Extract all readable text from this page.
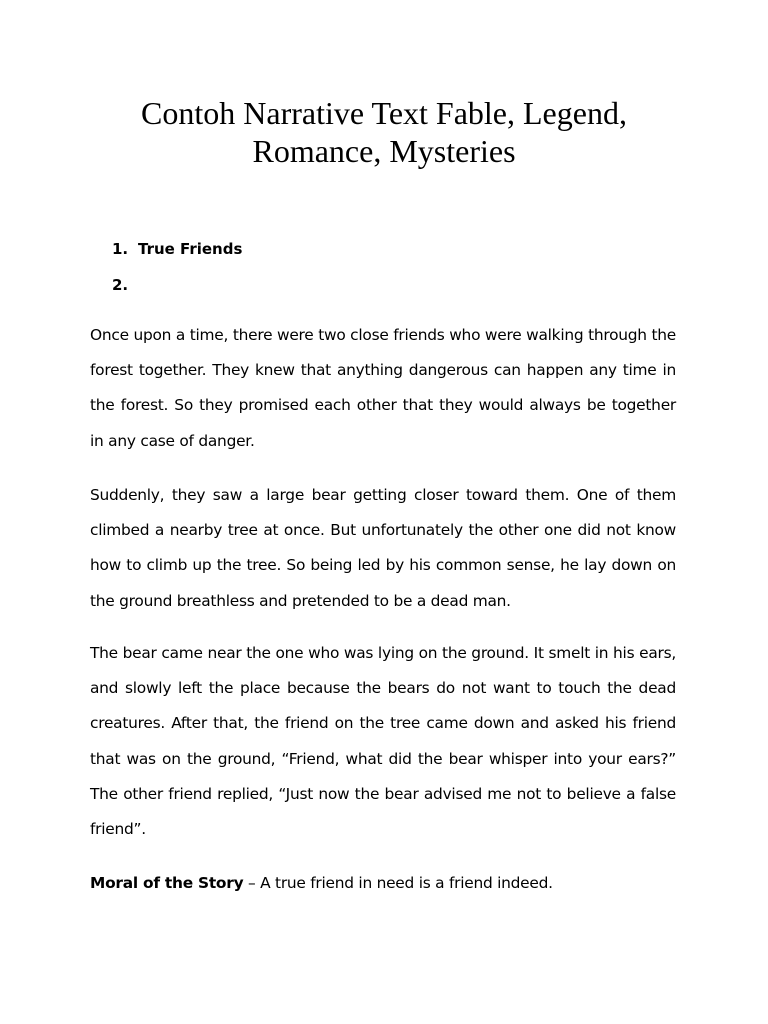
Contoh Narrative Text Fable, Legend,
Romance, Mysteries
1. True Friends
2.

Once upon a time, there were two close friends who were walking through the forest together. They knew that anything dangerous can happen any time in the forest. So they promised each other that they would always be together in any case of danger.

Suddenly, they saw a large bear getting closer toward them. One of them climbed a nearby tree at once. But unfortunately the other one did not know how to climb up the tree. So being led by his common sense, he lay down on the ground breathless and pretended to be a dead man.

The bear came near the one who was lying on the ground. It smelt in his ears, and slowly left the place because the bears do not want to touch the dead creatures. After that, the friend on the tree came down and asked his friend that was on the ground, “Friend, what did the bear whisper into your ears?” The other friend replied, “Just now the bear advised me not to believe a false friend”.

Moral of the Story – A true friend in need is a friend indeed.
